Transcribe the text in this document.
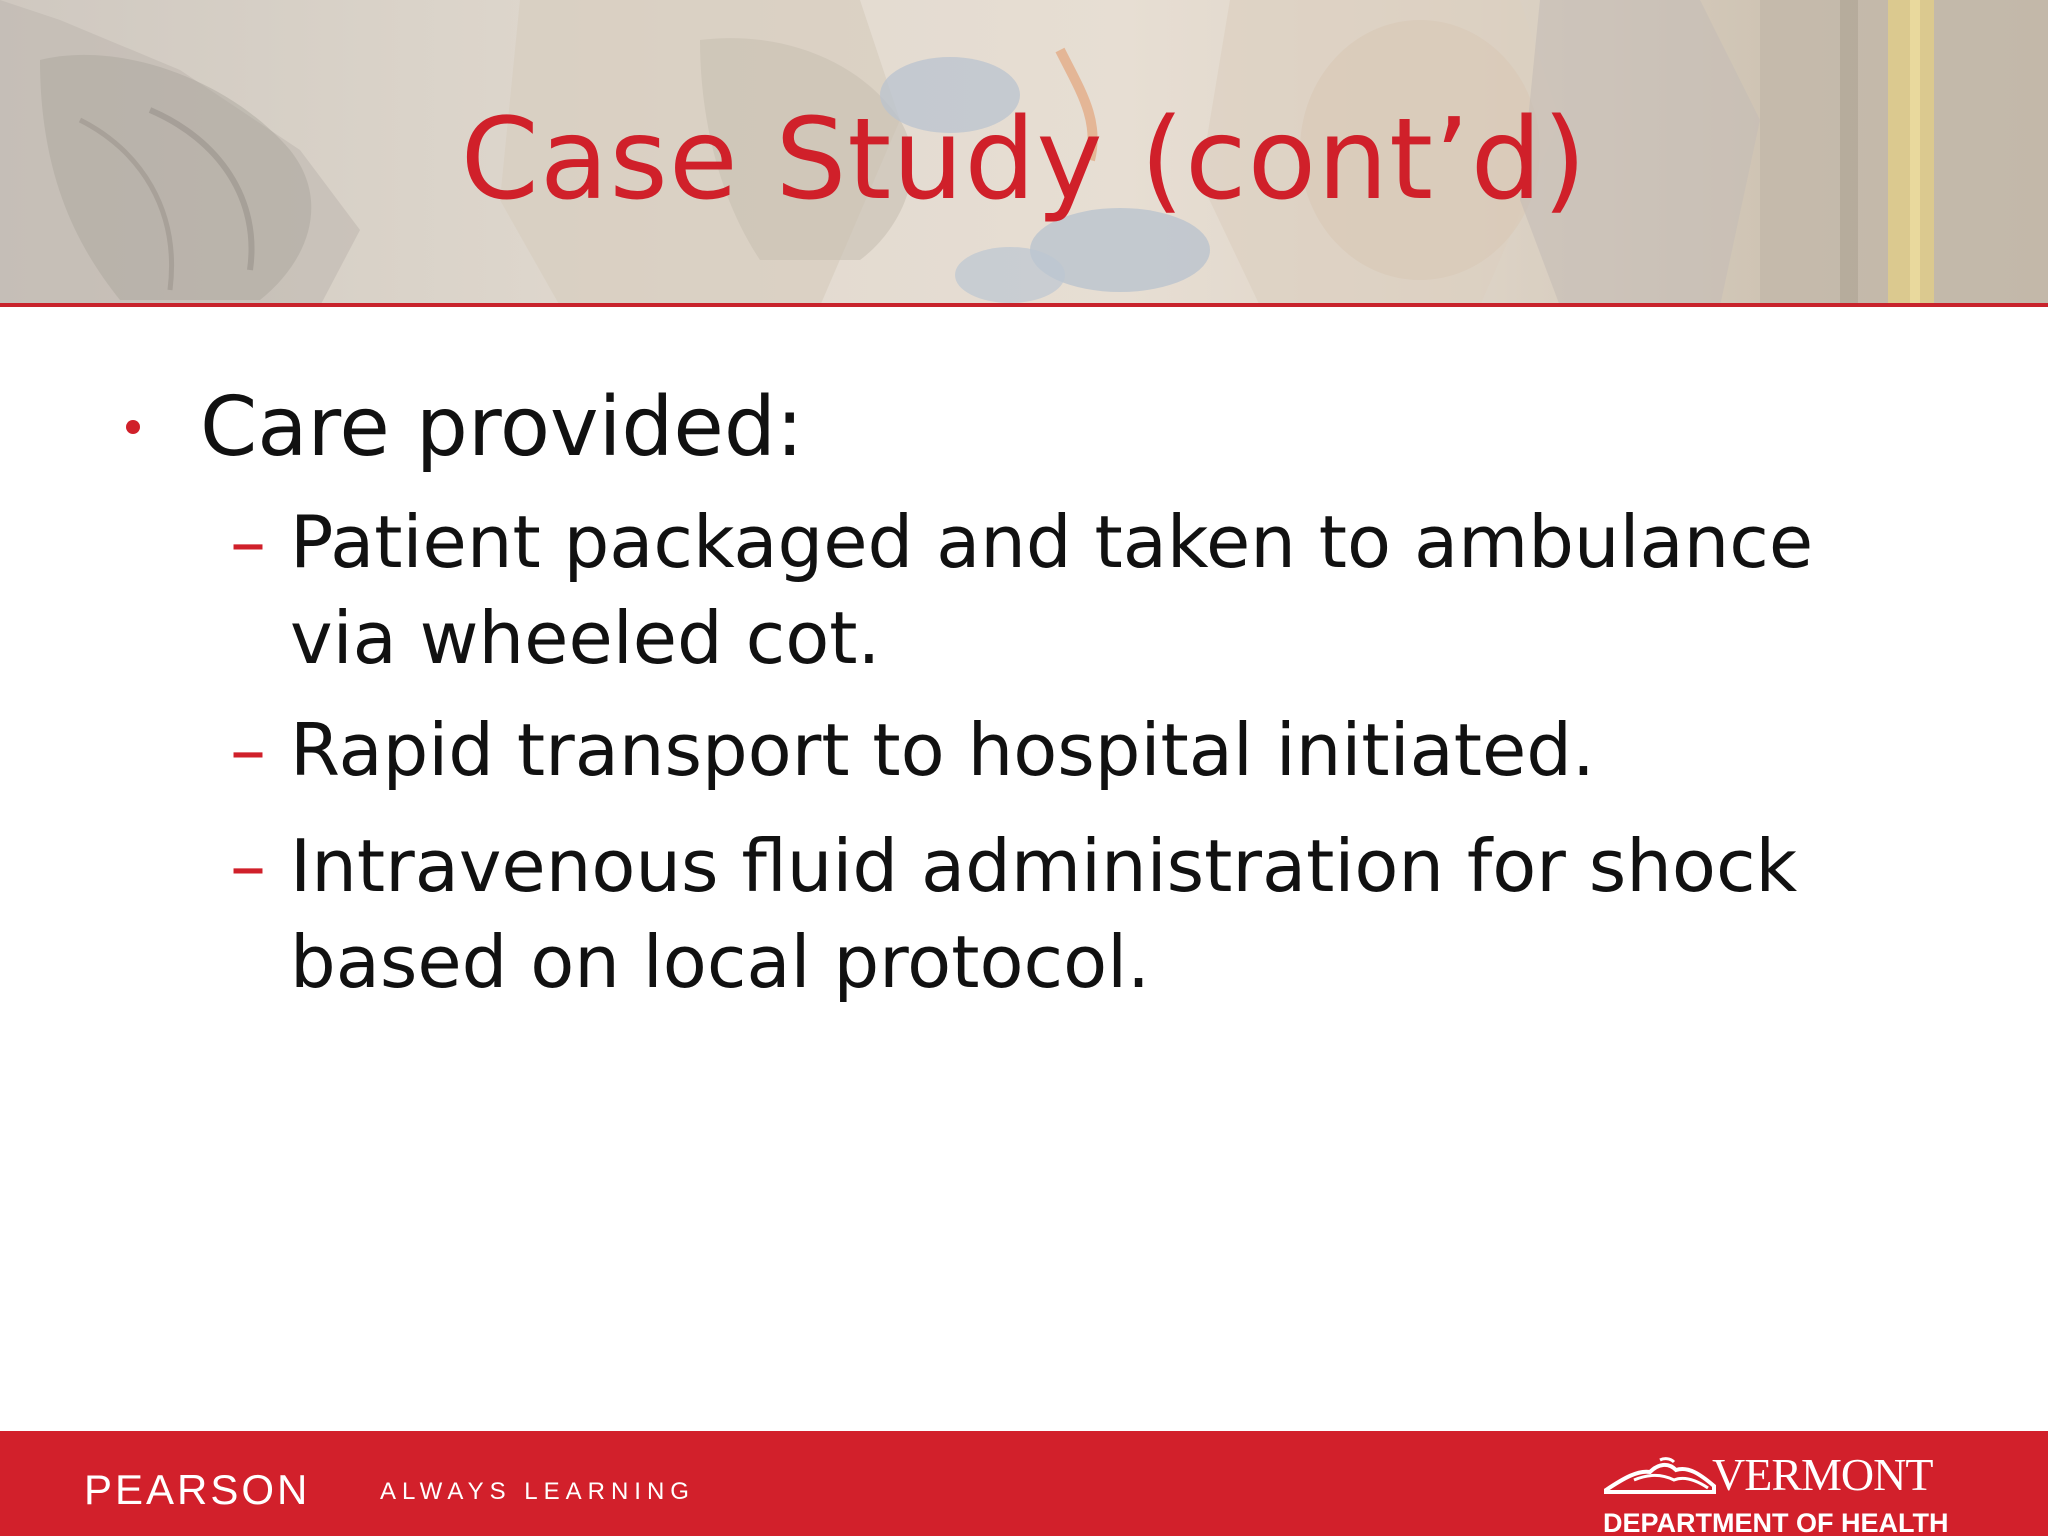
Case Study (cont’d)
Care provided:
– Patient packaged and taken to ambulance via wheeled cot.
– Rapid transport to hospital initiated.
– Intravenous fluid administration for shock based on local protocol.
PEARSON	ALWAYS LEARNING	VERMONT
DEPARTMENT OF HEALTH
